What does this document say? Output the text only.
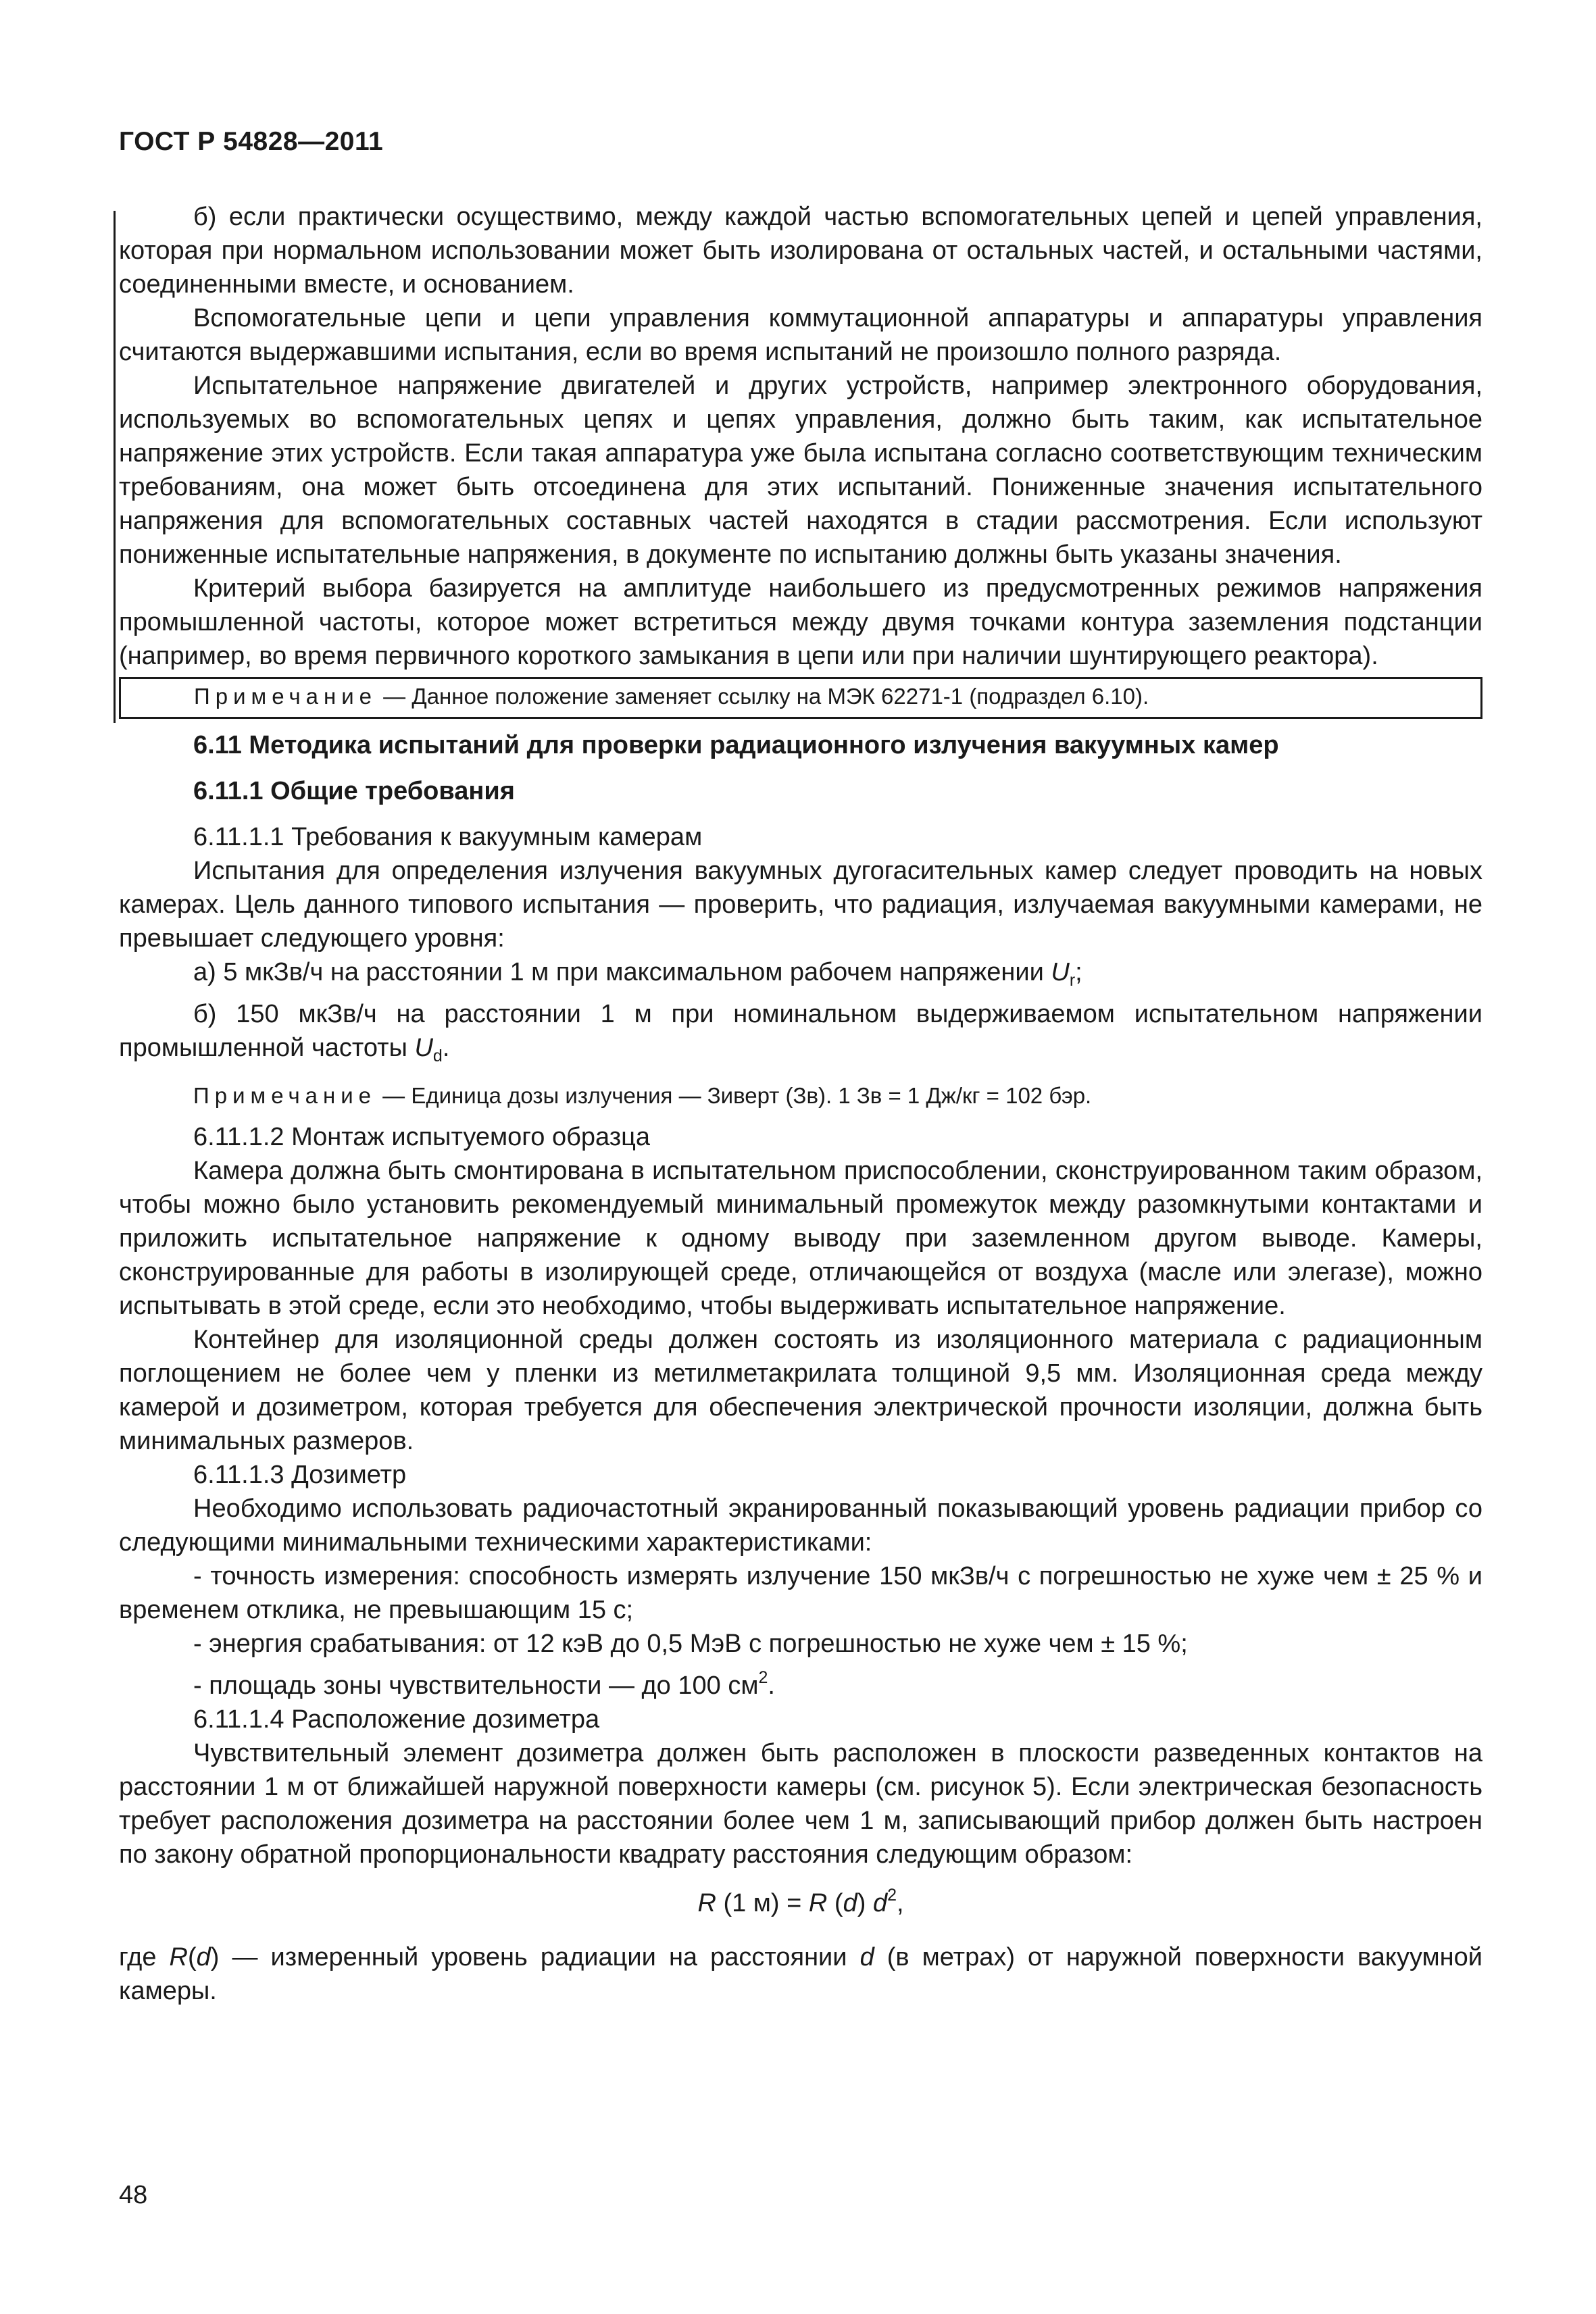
ГОСТ Р 54828—2011

б) если практически осуществимо, между каждой частью вспомогательных цепей и цепей управления, которая при нормальном использовании может быть изолирована от остальных частей, и остальными частями, соединенными вместе, и основанием.

Вспомогательные цепи и цепи управления коммутационной аппаратуры и аппаратуры управления считаются выдержавшими испытания, если во время испытаний не произошло полного разряда.

Испытательное напряжение двигателей и других устройств, например электронного оборудования, используемых во вспомогательных цепях и цепях управления, должно быть таким, как испытательное напряжение этих устройств. Если такая аппаратура уже была испытана согласно соответствующим техническим требованиям, она может быть отсоединена для этих испытаний. Пониженные значения испытательного напряжения для вспомогательных составных частей находятся в стадии рассмотрения. Если используют пониженные испытательные напряжения, в документе по испытанию должны быть указаны значения.

Критерий выбора базируется на амплитуде наибольшего из предусмотренных режимов напряжения промышленной частоты, которое может встретиться между двумя точками контура заземления подстанции (например, во время первичного короткого замыкания в цепи или при наличии шунтирующего реактора).

Примечание — Данное положение заменяет ссылку на МЭК 62271-1 (подраздел 6.10).

6.11 Методика испытаний для проверки радиационного излучения вакуумных камер

6.11.1 Общие требования

6.11.1.1 Требования к вакуумным камерам

Испытания для определения излучения вакуумных дугогасительных камер следует проводить на новых камерах. Цель данного типового испытания — проверить, что радиация, излучаемая вакуумными камерами, не превышает следующего уровня:

а) 5 мкЗв/ч на расстоянии 1 м при максимальном рабочем напряжении $U_r$;

б) 150 мкЗв/ч на расстоянии 1 м при номинальном выдерживаемом испытательном напряжении промышленной частоты $U_d$.

Примечание — Единица дозы излучения — Зиверт (Зв). 1 Зв = 1 Дж/кг = 102 бэр.

6.11.1.2 Монтаж испытуемого образца

Камера должна быть смонтирована в испытательном приспособлении, сконструированном таким образом, чтобы можно было установить рекомендуемый минимальный промежуток между разомкнутыми контактами и приложить испытательное напряжение к одному выводу при заземленном другом выводе. Камеры, сконструированные для работы в изолирующей среде, отличающейся от воздуха (масле или элегазе), можно испытывать в этой среде, если это необходимо, чтобы выдерживать испытательное напряжение.

Контейнер для изоляционной среды должен состоять из изоляционного материала с радиационным поглощением не более чем у пленки из метилметакрилата толщиной 9,5 мм. Изоляционная среда между камерой и дозиметром, которая требуется для обеспечения электрической прочности изоляции, должна быть минимальных размеров.

6.11.1.3 Дозиметр

Необходимо использовать радиочастотный экранированный показывающий уровень радиации прибор со следующими минимальными техническими характеристиками:

- точность измерения: способность измерять излучение 150 мкЗв/ч с погрешностью не хуже чем ± 25 % и временем отклика, не превышающим 15 с;

- энергия срабатывания: от 12 кэВ до 0,5 МэВ с погрешностью не хуже чем ± 15 %;

- площадь зоны чувствительности — до 100 $см^2$.

6.11.1.4 Расположение дозиметра

Чувствительный элемент дозиметра должен быть расположен в плоскости разведенных контактов на расстоянии 1 м от ближайшей наружной поверхности камеры (см. рисунок 5). Если электрическая безопасность требует расположения дозиметра на расстоянии более чем 1 м, записывающий прибор должен быть настроен по закону обратной пропорциональности квадрату расстояния следующим образом:

R (1 м) = R (d) $d^2$,

где R(d) — измеренный уровень радиации на расстоянии d (в метрах) от наружной поверхности вакуумной камеры.

48
